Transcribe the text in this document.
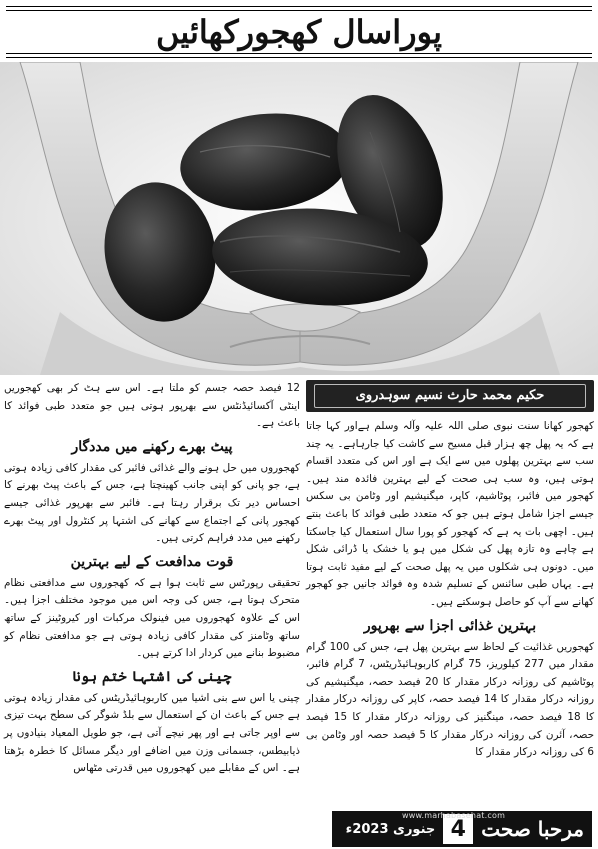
پوراسال کھجورکھائیں
حکیم محمد حارث نسیم سوہدروی

کھجور کھانا سنت نبوی صلی اللہ علیہ وآلہ وسلم ہےاور کہا جاتا ہے کہ یہ پھل چھ ہزار قبل مسیح سے کاشت کیا جارہاہے۔ یہ چند سب سے بہترین پھلوں میں سے ایک ہے اور اس کی متعدد اقسام ہوتی ہیں، وہ سب ہی صحت کے لیے بہترین فائدہ مند ہیں۔ کھجور میں فائبر، پوٹاشیم، کاپر، میگنیشیم اور وٹامن بی سکس جیسے اجزا شامل ہوتے ہیں جو کہ متعدد طبی فوائد کا باعث بنتے ہیں۔ اچھی بات یہ ہے کہ کھجور کو پورا سال استعمال کیا جاسکتا ہے چاہے وہ تازہ پھل کی شکل میں ہو یا خشک یا ڈرائی شکل میں۔ دونوں ہی شکلوں میں یہ پھل صحت کے لیے مفید ثابت ہوتا ہے۔ یہاں طبی سائنس کے تسلیم شدہ وہ فوائد جانیں جو کھجور کھانے سے آپ کو حاصل ہوسکتے ہیں۔

بہترین غذائی اجزا سے بھرپور

کھجوریں غذائیت کے لحاظ سے بہترین پھل ہے، جس کی 100 گرام مقدار میں 277 کیلوریز، 75 گرام کاربوہائیڈریٹس، 7 گرام فائبر، پوٹاشیم کی روزانہ درکار مقدار کا 20 فیصد حصہ، میگنیشیم کی روزانہ درکار مقدار کا 14 فیصد حصہ، کاپر کی روزانہ درکار مقدار کا 18 فیصد حصہ، مینگنیز کی روزانہ درکار مقدار کا 15 فیصد حصہ، آئرن کی روزانہ درکار مقدار کا 5 فیصد حصہ اور وٹامن بی 6 کی روزانہ درکار مقدار کا

12 فیصد حصہ جسم کو ملتا ہے۔ اس سے ہٹ کر بھی کھجوریں اینٹی آکسائیڈنٹس سے بھرپور ہوتی ہیں جو متعدد طبی فوائد کا باعث ہے۔

پیٹ بھرے رکھنے میں مددگار

کھجوروں میں حل ہونے والے غذائی فائبر کی مقدار کافی زیادہ ہوتی ہے، جو پانی کو اپنی جانب کھینچتا ہے، جس کے باعث پیٹ بھرنے کا احساس دیر تک برقرار رہتا ہے۔ فائبر سے بھرپور غذائی جیسے کھجور پانی کے اجتماع سے کھانے کی اشتہا پر کنٹرول اور پیٹ بھرے رکھنے میں مدد فراہم کرتی ہیں۔

قوت مدافعت کے لیے بہترین

تحقیقی رپورٹس سے ثابت ہوا ہے کہ کھجوروں سے مدافعتی نظام متحرک ہوتا ہے، جس کی وجہ اس میں موجود مختلف اجزا ہیں۔ اس کے علاوہ کھجوروں میں فینولک مرکبات اور کیروٹینز کے ساتھ ساتھ وٹامنز کی مقدار کافی زیادہ ہوتی ہے جو مدافعتی نظام کو مضبوط بنانے میں کردار ادا کرتے ہیں۔

چینی کی اشتہا ختم ہونا

چینی یا اس سے بنی اشیا میں کاربوہائیڈریٹس کی مقدار زیادہ ہوتی ہے جس کے باعث ان کے استعمال سے بلڈ شوگر کی سطح بہت تیزی سے اوپر جاتی ہے اور پھر نیچے آتی ہے، جو طویل المعیاد بنیادوں پر ذیابیطس، جسمانی وزن میں اضافے اور دیگر مسائل کا خطرہ بڑھتا ہے۔ اس کے مقابلے میں کھجوروں میں قدرتی مٹھاس

مرحبا صحت
www.marhabasehat.com
4
جنوری 2023ء
